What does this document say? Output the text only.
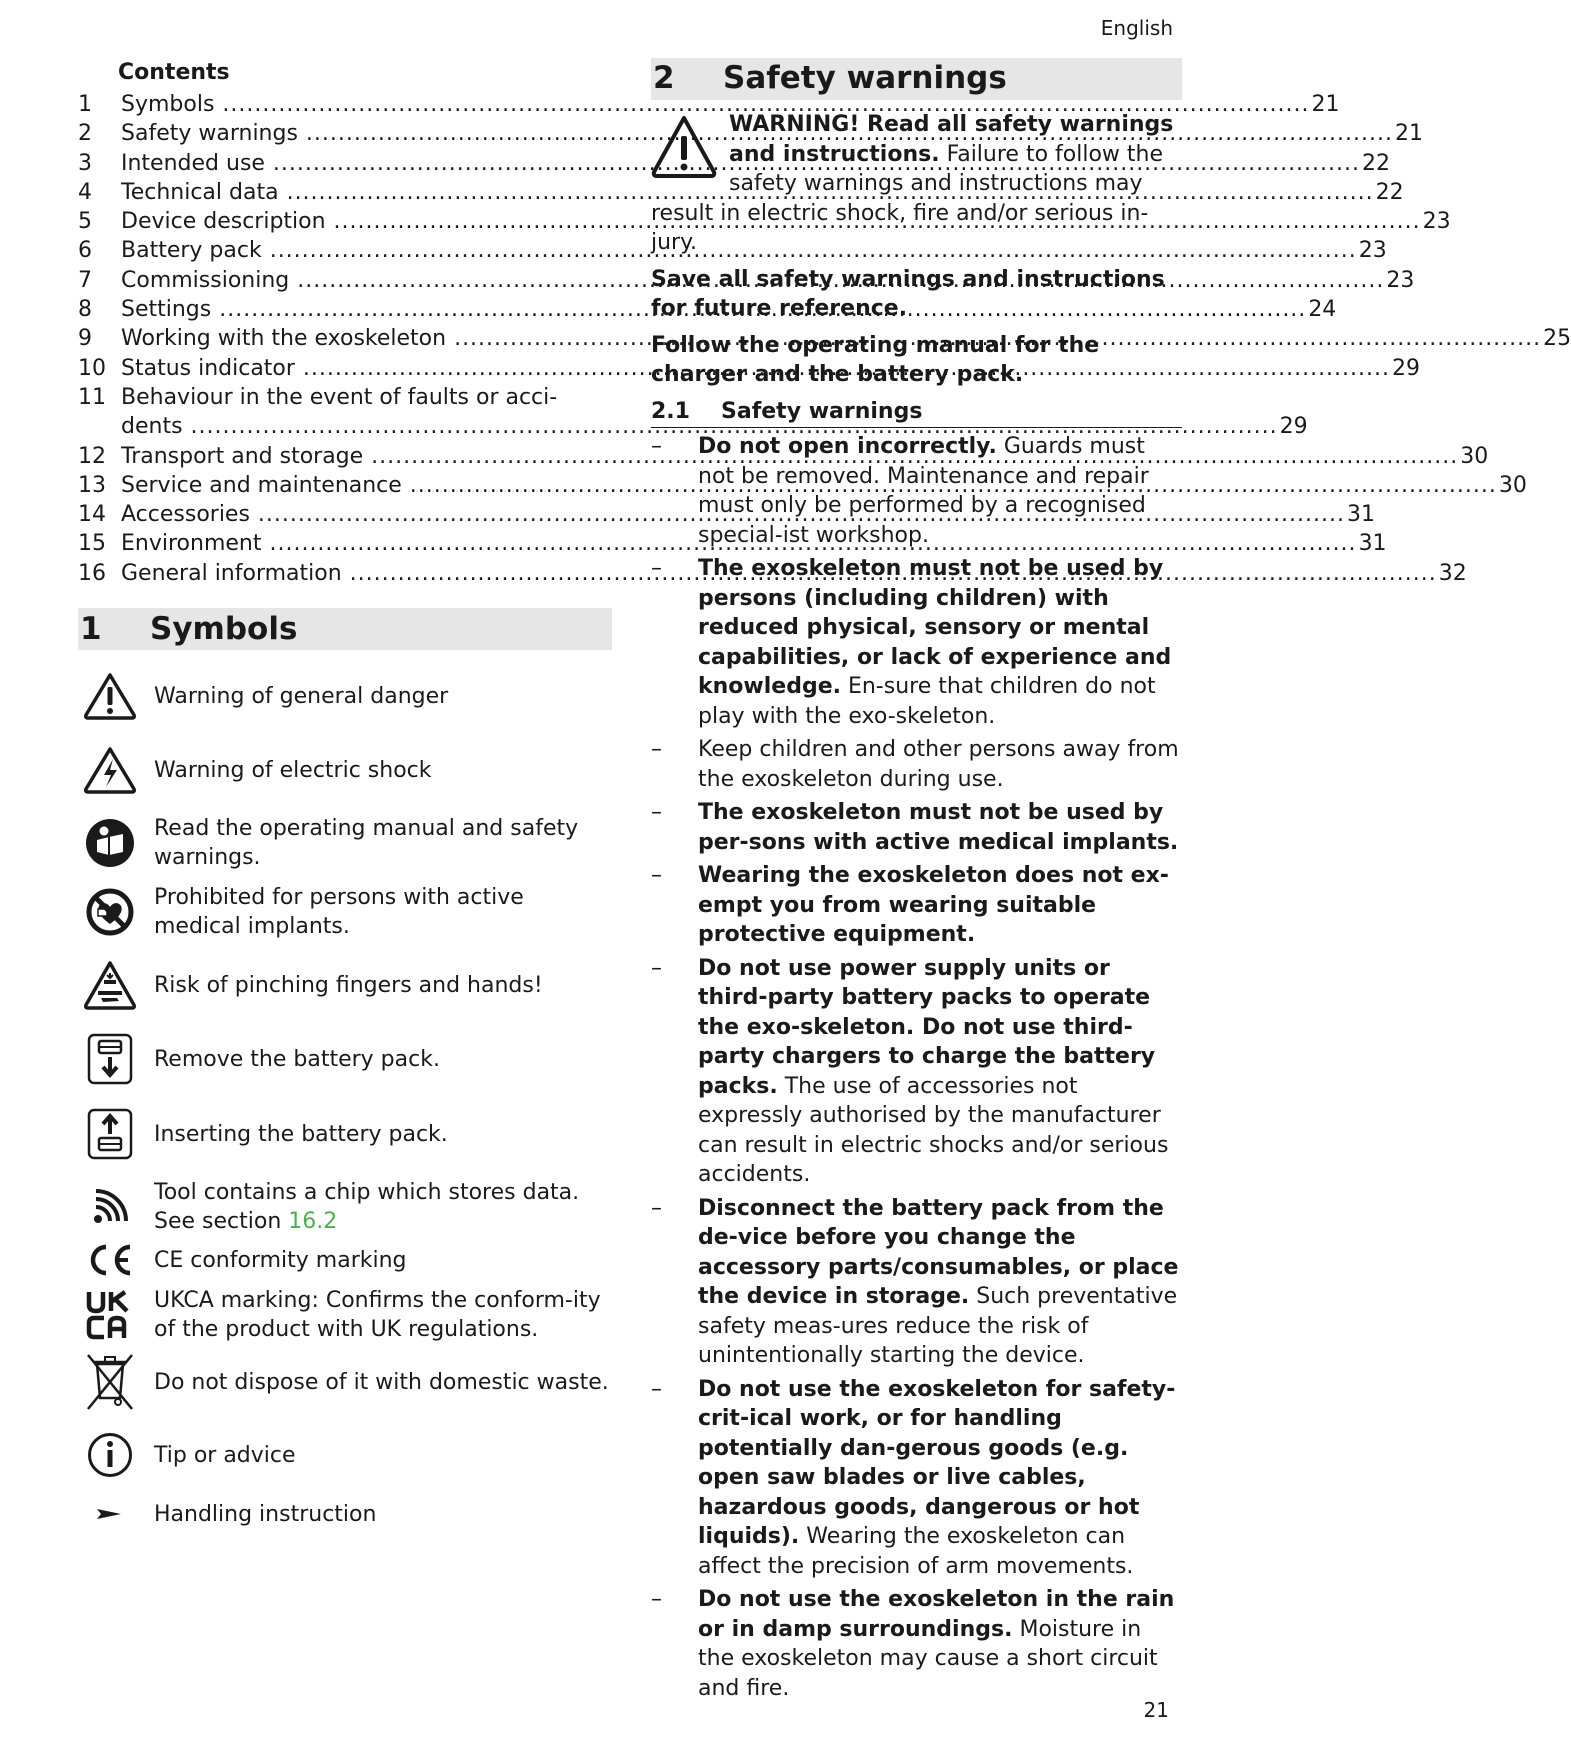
English
Contents
1	Symbols .....	21
2	Safety warnings .....	21
3	Intended use .....	22
4	Technical data .....	22
5	Device description .....	23
6	Battery pack .....	23
7	Commissioning .....	23
8	Settings .....	24
9	Working with the exoskeleton .....	25
10 Status indicator .....	29
11 Behaviour in the event of faults or acci-
dents .....	29
12 Transport and storage .....	30
13 Service and maintenance .....	30
14 Accessories .....	31
15 Environment .....	31
16 General information .....	32
1	Symbols
Warning of general danger
Warning of electric shock
Read the operating manual and safety warnings.
Prohibited for persons with active medical implants.
Risk of pinching fingers and hands!
Remove the battery pack.
Inserting the battery pack.
Tool contains a chip which stores data. See section 16.2
CE conformity marking
UKCA marking: Confirms the conform-ity of the product with UK regulations.
Do not dispose of it with domestic waste.
Tip or advice
Handling instruction
2	Safety warnings
WARNING! Read all safety warnings and instructions. Failure to follow the safety warnings and instructions may result in electric shock, fire and/or serious in-jury.
Save all safety warnings and instructions for future reference.
Follow the operating manual for the charger and the battery pack.
2.1	Safety warnings
–	Do not open incorrectly. Guards must not be removed. Maintenance and repair must only be performed by a recognised special-ist workshop.
–	The exoskeleton must not be used by persons (including children) with reduced physical, sensory or mental capabilities, or lack of experience and knowledge. En-sure that children do not play with the exo-skeleton.
–	Keep children and other persons away from the exoskeleton during use.
–	The exoskeleton must not be used by per-sons with active medical implants.
–	Wearing the exoskeleton does not ex-empt you from wearing suitable protective equipment.
–	Do not use power supply units or third-party battery packs to operate the exo-skeleton. Do not use third-party chargers to charge the battery packs. The use of accessories not expressly authorised by the manufacturer can result in electric shocks and/or serious accidents.
–	Disconnect the battery pack from the de-vice before you change the accessory parts/consumables, or place the device in storage. Such preventative safety meas-ures reduce the risk of unintentionally starting the device.
–	Do not use the exoskeleton for safety-crit-ical work, or for handling potentially dan-gerous goods (e.g. open saw blades or live cables, hazardous goods, dangerous or hot liquids). Wearing the exoskeleton can affect the precision of arm movements.
–	Do not use the exoskeleton in the rain or in damp surroundings. Moisture in the exoskeleton may cause a short circuit and fire.
21
